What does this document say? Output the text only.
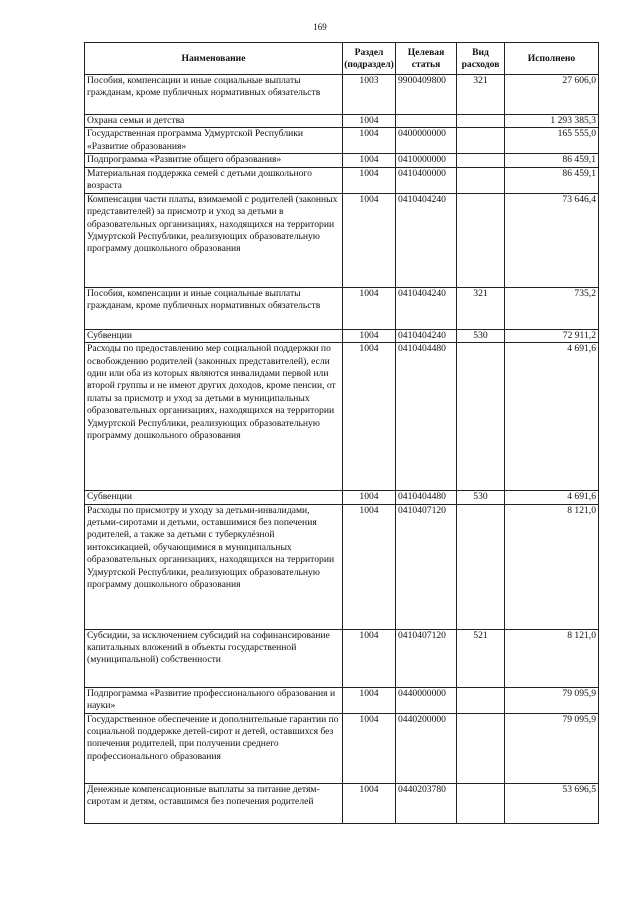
169
Наименование	Раздел (подраздел)	Целевая статья	Вид расходов	Исполнено
Пособия, компенсации и иные социальные выплаты гражданам, кроме публичных нормативных обязательств	1003	9900409800	321	27 606,0
Охрана семьи и детства	1004			1 293 385,3
Государственная программа Удмуртской Республики «Развитие образования»	1004	0400000000		165 555,0
Подпрограмма «Развитие общего образования»	1004	0410000000		86 459,1
Материальная поддержка семей с детьми дошкольного возраста	1004	0410400000		86 459,1
Компенсация части платы, взимаемой с родителей (законных представителей) за присмотр и уход за детьми в образовательных организациях, находящихся на территории Удмуртской Республики, реализующих образовательную программу дошкольного образования	1004	0410404240		73 646,4
Пособия, компенсации и иные социальные выплаты гражданам, кроме публичных нормативных обязательств	1004	0410404240	321	735,2
Субвенции	1004	0410404240	530	72 911,2
Расходы по предоставлению мер социальной поддержки по освобождению родителей (законных представителей), если один или оба из которых являются инвалидами первой или второй группы и не имеют других доходов, кроме пенсии, от платы за присмотр и уход за детьми в муниципальных образовательных организациях, находящихся на территории Удмуртской Республики, реализующих образовательную программу дошкольного образования	1004	0410404480		4 691,6
Субвенции	1004	0410404480	530	4 691,6
Расходы по присмотру и уходу за детьми-инвалидами, детьми-сиротами и детьми, оставшимися без попечения родителей, а также за детьми с туберкулёзной интоксикацией, обучающимися в муниципальных образовательных организациях, находящихся на территории Удмуртской Республики, реализующих образовательную программу дошкольного образования	1004	0410407120		8 121,0
Субсидии, за исключением субсидий на софинансирование капитальных вложений в объекты государственной (муниципальной) собственности	1004	0410407120	521	8 121,0
Подпрограмма «Развитие профессионального образования и науки»	1004	0440000000		79 095,9
Государственное обеспечение и дополнительные гарантии по социальной поддержке детей-сирот и детей, оставшихся без попечения родителей, при получении среднего профессионального образования	1004	0440200000		79 095,9
Денежные компенсационные выплаты за питание детям-сиротам и детям, оставшимся без попечения родителей	1004	0440203780		53 696,5
